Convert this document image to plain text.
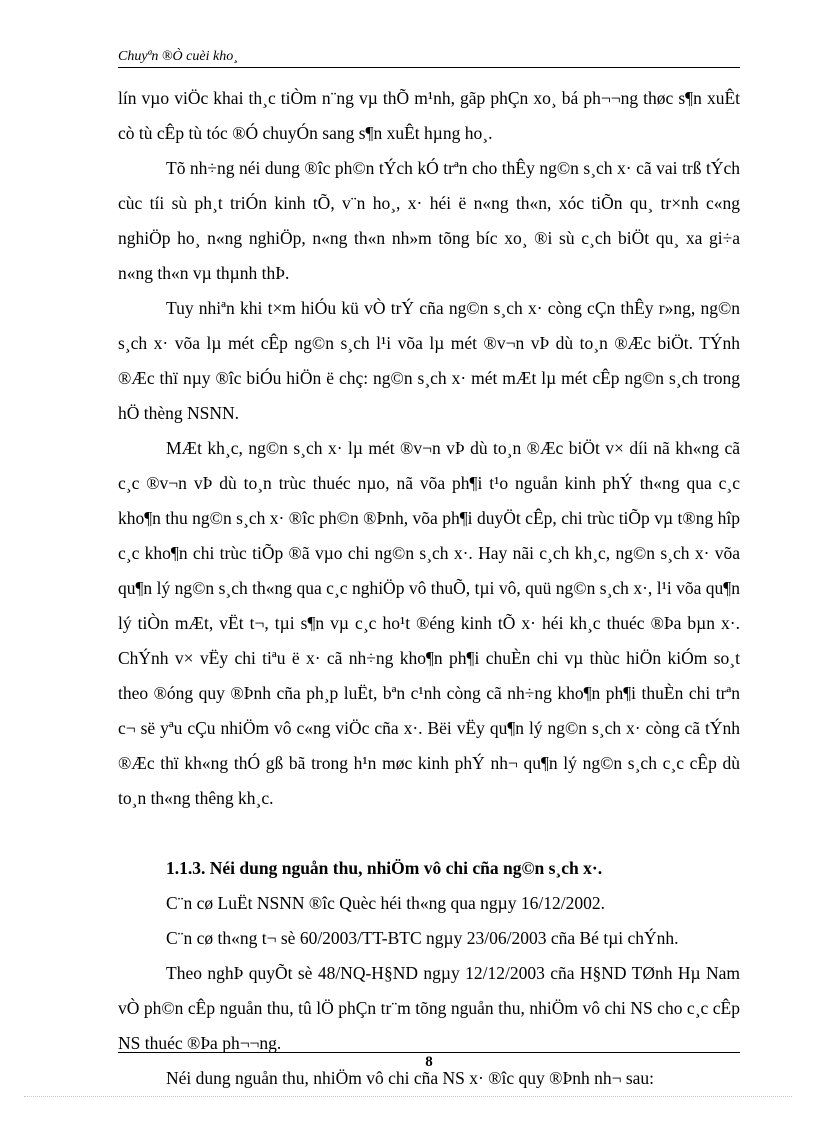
Chuyªn ®Ò cuèi kho¸

lín vµo viÖc khai th¸c tiÒm n¨ng vµ thÕ m¹nh, gãp phÇn xo¸ bá ph¬¬ng thøc s¶n xuÊt cò tù cÊp tù tóc ®Ó chuyÓn sang s¶n xuÊt hµng ho¸.

Tõ nh÷ng néi dung ®îc ph©n tÝch kÓ trªn cho thÊy ng©n s¸ch x· cã vai trß tÝch cùc tíi sù ph¸t triÓn kinh tÕ, v¨n ho¸, x· héi ë n«ng th«n, xóc tiÕn qu¸ tr×nh c«ng nghiÖp ho¸ n«ng nghiÖp, n«ng th«n nh»m tõng bíc xo¸ ®i sù c¸ch biÖt qu¸ xa gi÷a n«ng th«n vµ thµnh thÞ.

Tuy nhiªn khi t×m hiÓu kü vÒ trÝ cña ng©n s¸ch x· còng cÇn thÊy r»ng, ng©n s¸ch x· võa lµ mét cÊp ng©n s¸ch l¹i võa lµ mét ®v¬n vÞ dù to¸n ®Æc biÖt. TÝnh ®Æc thï nµy ®îc biÓu hiÖn ë chç: ng©n s¸ch x· mét mÆt lµ mét cÊp ng©n s¸ch trong hÖ thèng NSNN.

MÆt kh¸c, ng©n s¸ch x· lµ mét ®v¬n vÞ dù to¸n ®Æc biÖt v× díi nã kh«ng cã c¸c ®v¬n vÞ dù to¸n trùc thuéc nµo, nã võa ph¶i t¹o nguån kinh phÝ th«ng qua c¸c kho¶n thu ng©n s¸ch x· ®îc ph©n ®Þnh, võa ph¶i duyÖt cÊp, chi trùc tiÕp vµ t®ng hîp c¸c kho¶n chi trùc tiÕp ®ã vµo chi ng©n s¸ch x·. Hay nãi c¸ch kh¸c, ng©n s¸ch x· võa qu¶n lý ng©n s¸ch th«ng qua c¸c nghiÖp vô thuÕ, tµi vô, quü ng©n s¸ch x·, l¹i võa qu¶n lý tiÒn mÆt, vËt t¬, tµi s¶n vµ c¸c ho¹t ®éng kinh tÕ x· héi kh¸c thuéc ®Þa bµn x·. ChÝnh v× vËy chi tiªu ë x· cã nh÷ng kho¶n ph¶i chuÈn chi vµ thùc hiÖn kiÓm so¸t theo ®óng quy ®Þnh cña ph¸p luËt, bªn c¹nh còng cã nh÷ng kho¶n ph¶i thuÈn chi trªn c¬ së yªu cÇu nhiÖm vô c«ng viÖc cña x·. Bëi vËy qu¶n lý ng©n s¸ch x· còng cã tÝnh ®Æc thï kh«ng thÓ gß bã trong h¹n møc kinh phÝ nh¬ qu¶n lý ng©n s¸ch c¸c cÊp dù to¸n th«ng thêng kh¸c.

1.1.3. Néi dung nguån thu, nhiÖm vô chi cña ng©n s¸ch x·.

C¨n cø LuËt NSNN ®îc Quèc héi th«ng qua ngµy 16/12/2002.

C¨n cø th«ng t¬ sè 60/2003/TT-BTC ngµy 23/06/2003 cña Bé tµi chÝnh.

Theo nghÞ quyÕt sè 48/NQ-H§ND ngµy 12/12/2003 cña H§ND TØnh Hµ Nam vÒ ph©n cÊp nguån thu, tû lÖ phÇn tr¨m tõng nguån thu, nhiÖm vô chi NS cho c¸c cÊp NS thuéc ®Þa ph¬¬ng.

Néi dung nguån thu, nhiÖm vô chi cña NS x· ®îc quy ®Þnh nh¬ sau:

8
